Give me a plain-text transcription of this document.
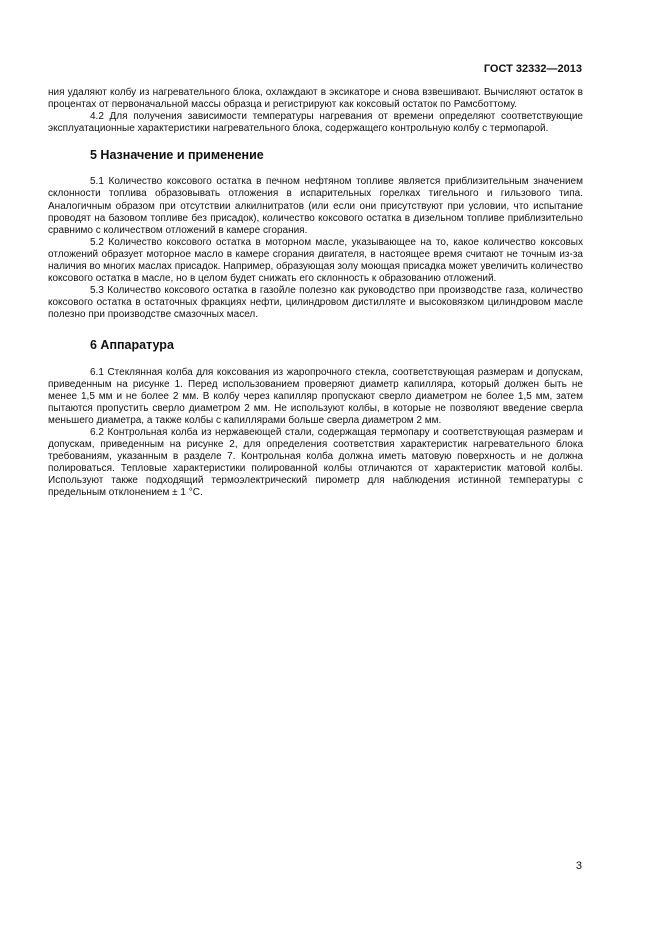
ГОСТ 32332—2013

ния удаляют колбу из нагревательного блока, охлаждают в эксикаторе и снова взвешивают. Вычисляют остаток в процентах от первоначальной массы образца и регистрируют как коксовый остаток по Рамсботтому.

4.2 Для получения зависимости температуры нагревания от времени определяют соответствующие эксплуатационные характеристики нагревательного блока, содержащего контрольную колбу с термопарой.

5 Назначение и применение

5.1 Количество коксового остатка в печном нефтяном топливе является приблизительным значением склонности топлива образовывать отложения в испарительных горелках тигельного и гильзового типа. Аналогичным образом при отсутствии алкилнитратов (или если они присутствуют при условии, что испытание проводят на базовом топливе без присадок), количество коксового остатка в дизельном топливе приблизительно сравнимо с количеством отложений в камере сгорания.

5.2 Количество коксового остатка в моторном масле, указывающее на то, какое количество коксовых отложений образует моторное масло в камере сгорания двигателя, в настоящее время считают не точным из-за наличия во многих маслах присадок. Например, образующая золу моющая присадка может увеличить количество коксового остатка в масле, но в целом будет снижать его склонность к образованию отложений.

5.3 Количество коксового остатка в газойле полезно как руководство при производстве газа, количество коксового остатка в остаточных фракциях нефти, цилиндровом дистилляте и высоковязком цилиндровом масле полезно при производстве смазочных масел.

6 Аппаратура

6.1 Стеклянная колба для коксования из жаропрочного стекла, соответствующая размерам и допускам, приведенным на рисунке 1. Перед использованием проверяют диаметр капилляра, который должен быть не менее 1,5 мм и не более 2 мм. В колбу через капилляр пропускают сверло диаметром не более 1,5 мм, затем пытаются пропустить сверло диаметром 2 мм. Не используют колбы, в которые не позволяют введение сверла меньшего диаметра, а также колбы с капиллярами больше сверла диаметром 2 мм.

6.2 Контрольная колба из нержавеющей стали, содержащая термопару и соответствующая размерам и допускам, приведенным на рисунке 2, для определения соответствия характеристик нагревательного блока требованиям, указанным в разделе 7. Контрольная колба должна иметь матовую поверхность и не должна полироваться. Тепловые характеристики полированной колбы отличаются от характеристик матовой колбы. Используют также подходящий термоэлектрический пирометр для наблюдения истинной температуры с предельным отклонением ± 1 °С.

3
